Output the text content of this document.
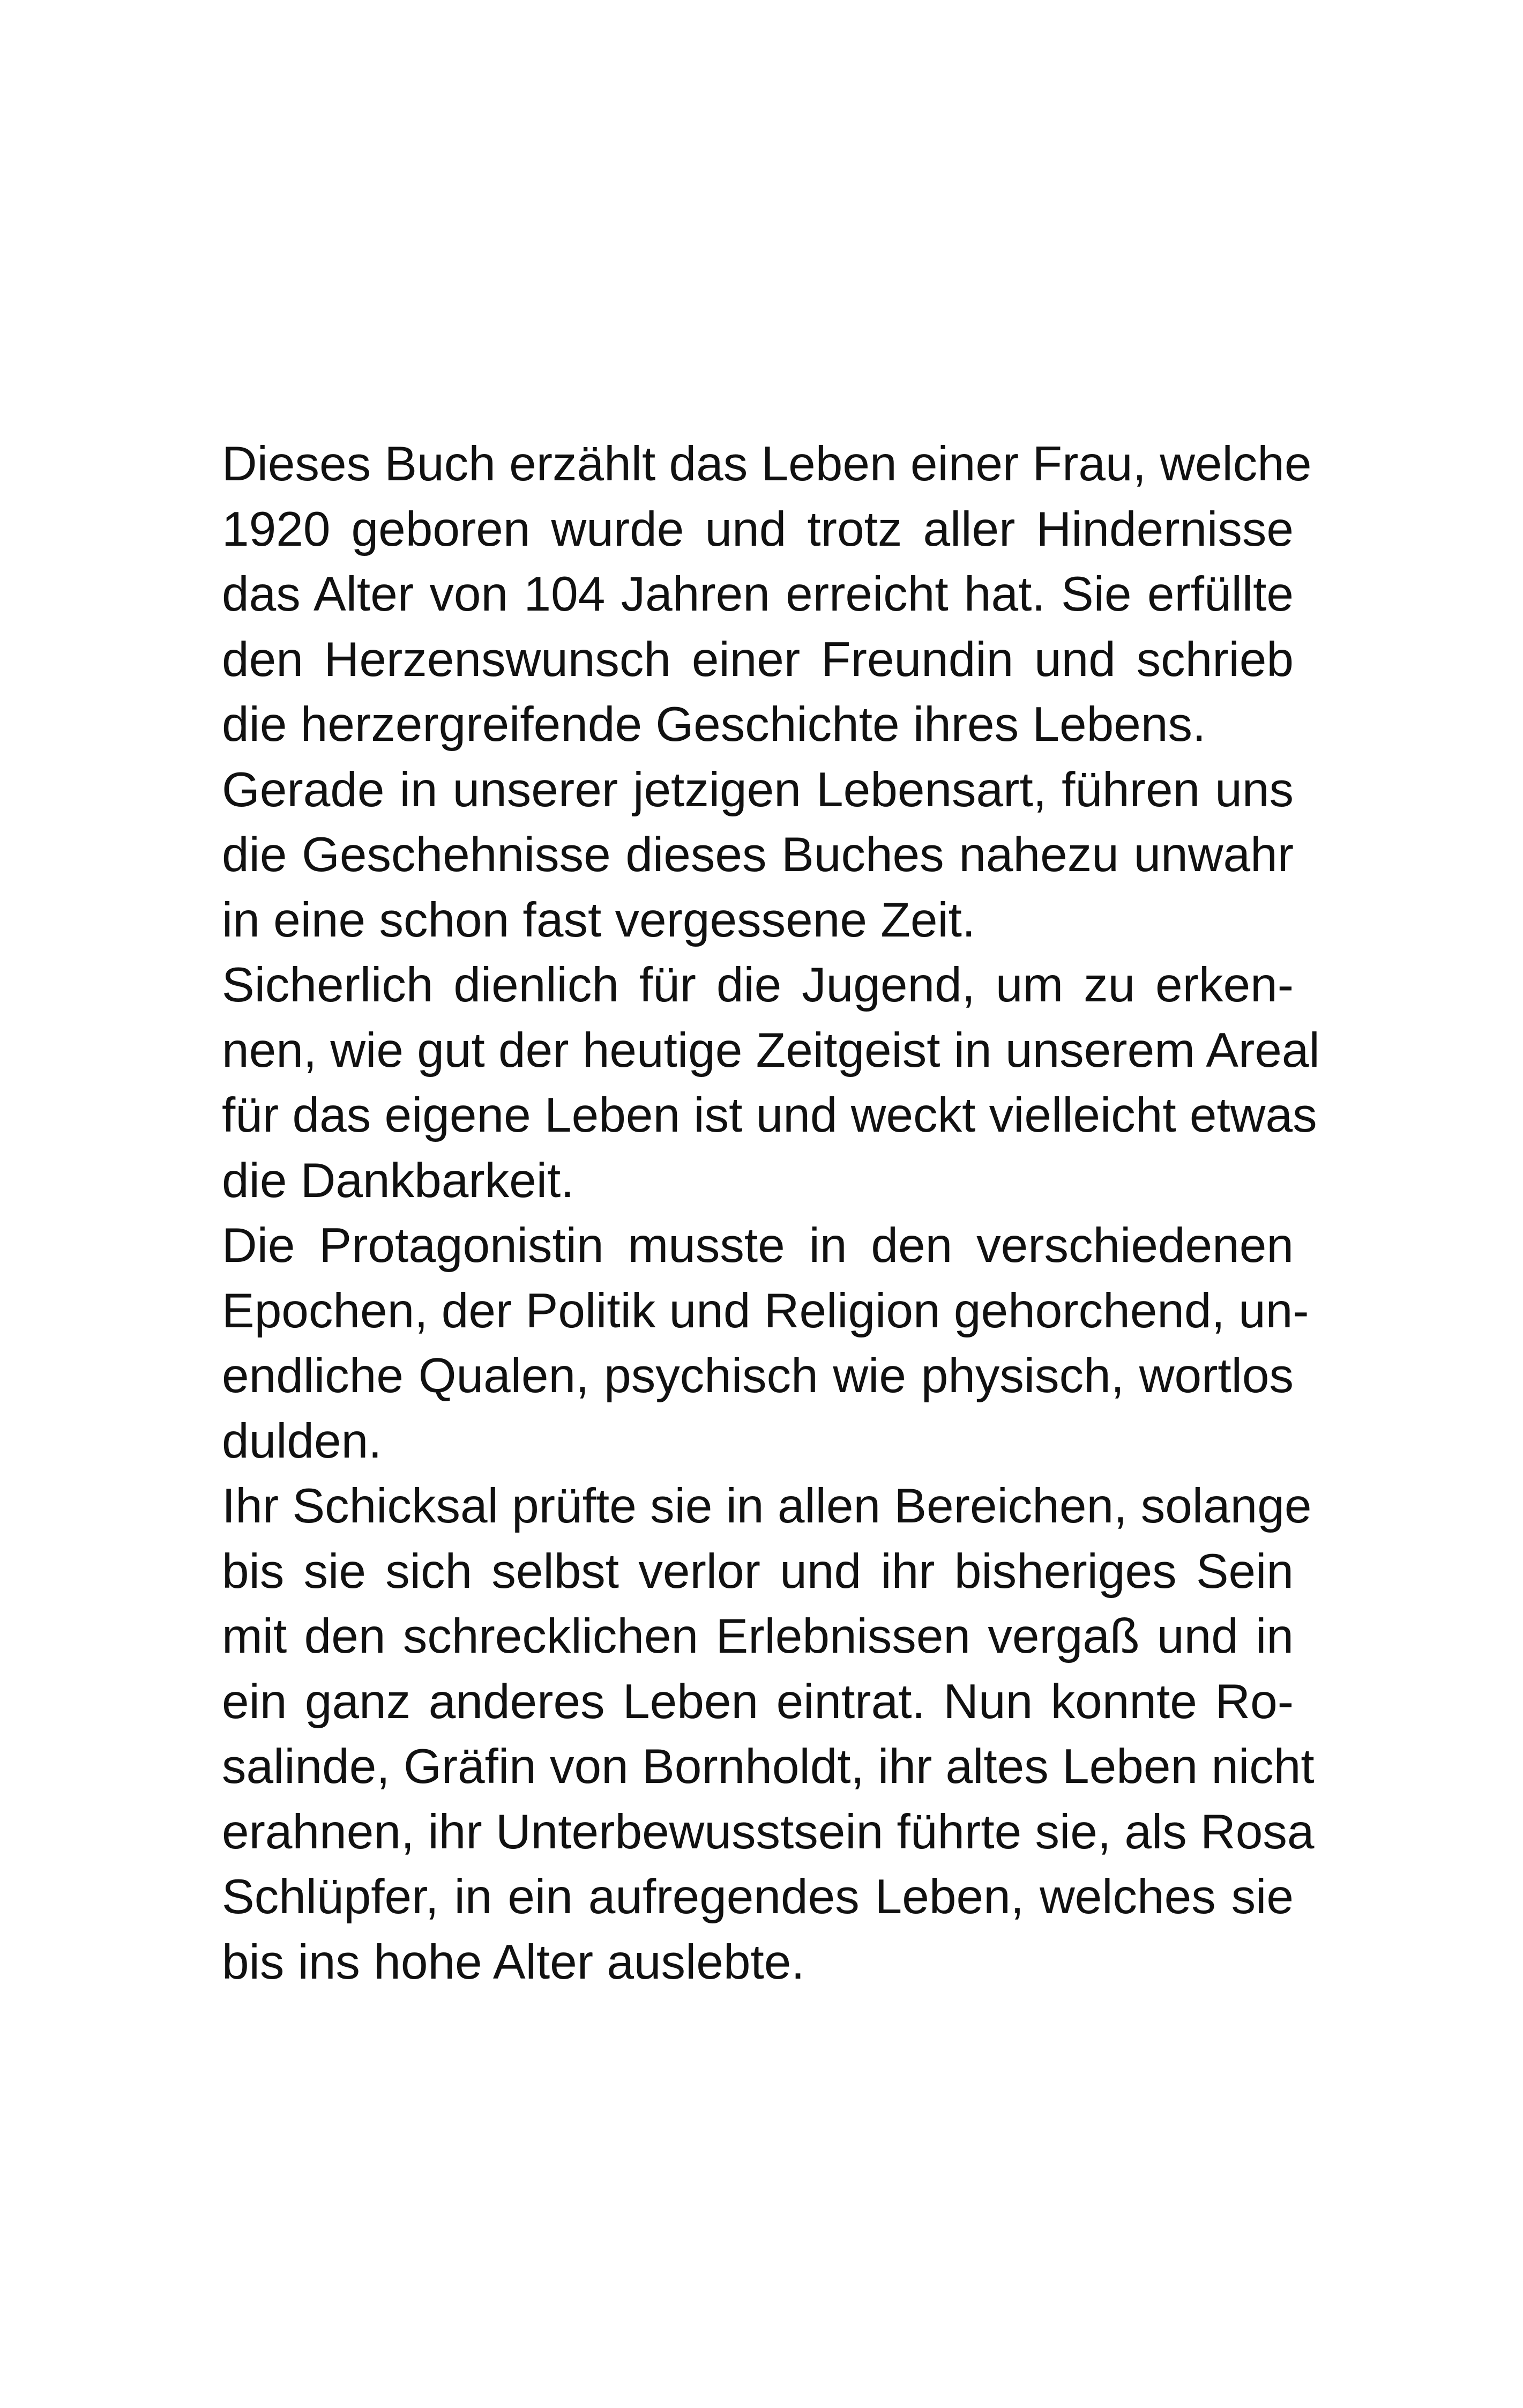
Dieses Buch erzählt das Leben einer Frau, welche
1920 geboren wurde und trotz aller Hindernisse
das Alter von 104 Jahren erreicht hat. Sie erfüllte
den Herzenswunsch einer Freundin und schrieb
die herzergreifende Geschichte ihres Lebens.
Gerade in unserer jetzigen Lebensart, führen uns
die Geschehnisse dieses Buches nahezu unwahr
in eine schon fast vergessene Zeit.
Sicherlich dienlich für die Jugend, um zu erken-
nen, wie gut der heutige Zeitgeist in unserem Areal
für das eigene Leben ist und weckt vielleicht etwas
die Dankbarkeit.
Die Protagonistin musste in den verschiedenen
Epochen, der Politik und Religion gehorchend, un-
endliche Qualen, psychisch wie physisch, wortlos
dulden.
Ihr Schicksal prüfte sie in allen Bereichen, solange
bis sie sich selbst verlor und ihr bisheriges Sein
mit den schrecklichen Erlebnissen vergaß und in
ein ganz anderes Leben eintrat. Nun konnte Ro-
salinde, Gräfin von Bornholdt, ihr altes Leben nicht
erahnen, ihr Unterbewusstsein führte sie, als Rosa
Schlüpfer, in ein aufregendes Leben, welches sie
bis ins hohe Alter auslebte.
